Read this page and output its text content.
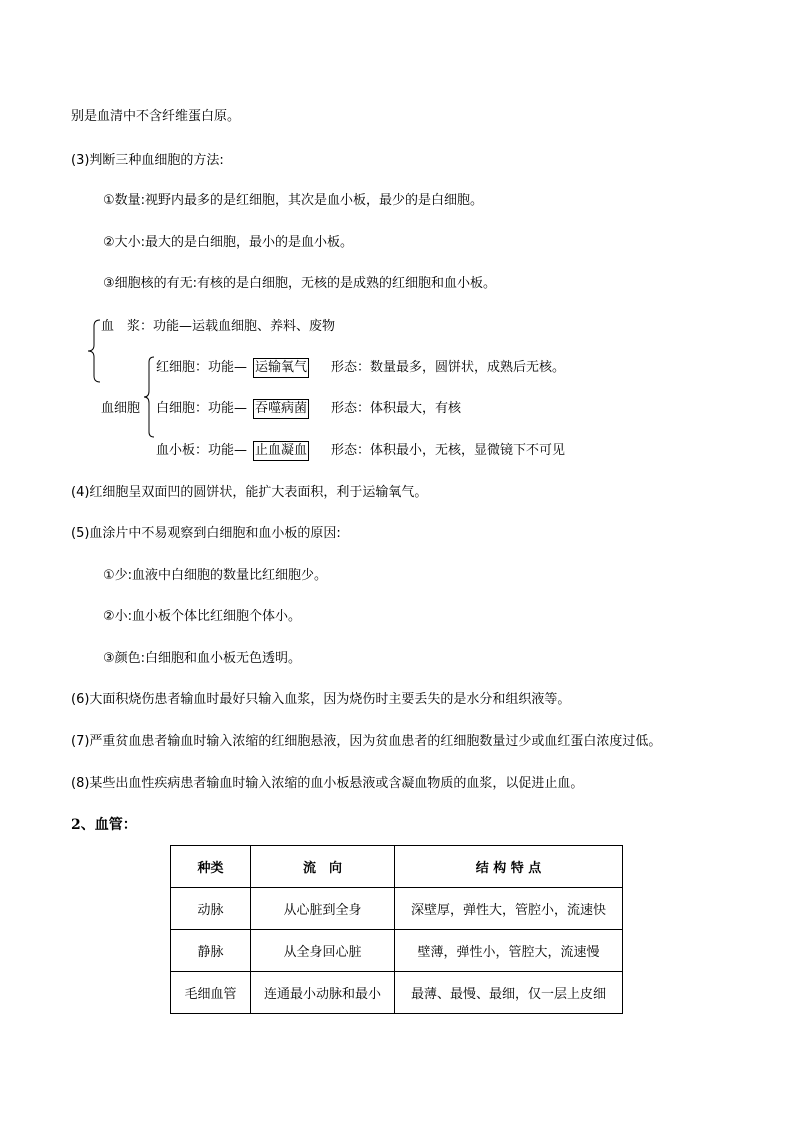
别是血清中不含纤维蛋白原。
(3)判断三种血细胞的方法:
①数量:视野内最多的是红细胞，其次是血小板，最少的是白细胞。
②大小:最大的是白细胞，最小的是血小板。
③细胞核的有无:有核的是白细胞，无核的是成熟的红细胞和血小板。
血　浆：功能—运载血细胞、养料、废物
血细胞
红细胞：功能— 运输氧气 形态：数量最多，圆饼状，成熟后无核。
白细胞：功能— 吞噬病菌 形态：体积最大，有核
血小板：功能— 止血凝血 形态：体积最小，无核，显微镜下不可见
(4)红细胞呈双面凹的圆饼状，能扩大表面积，利于运输氧气。
(5)血涂片中不易观察到白细胞和血小板的原因:
①少:血液中白细胞的数量比红细胞少。
②小:血小板个体比红细胞个体小。
③颜色:白细胞和血小板无色透明。
(6)大面积烧伤患者输血时最好只输入血浆，因为烧伤时主要丢失的是水分和组织液等。
(7)严重贫血患者输血时输入浓缩的红细胞悬液，因为贫血患者的红细胞数量过少或血红蛋白浓度过低。
(8)某些出血性疾病患者输血时输入浓缩的血小板悬液或含凝血物质的血浆，以促进止血。
2、血管：
种类	流　向	结 构 特 点
动脉	从心脏到全身	深壁厚，弹性大，管腔小，流速快
静脉	从全身回心脏	壁薄，弹性小，管腔大，流速慢
毛细血管	连通最小动脉和最小	最薄、最慢、最细，仅一层上皮细
